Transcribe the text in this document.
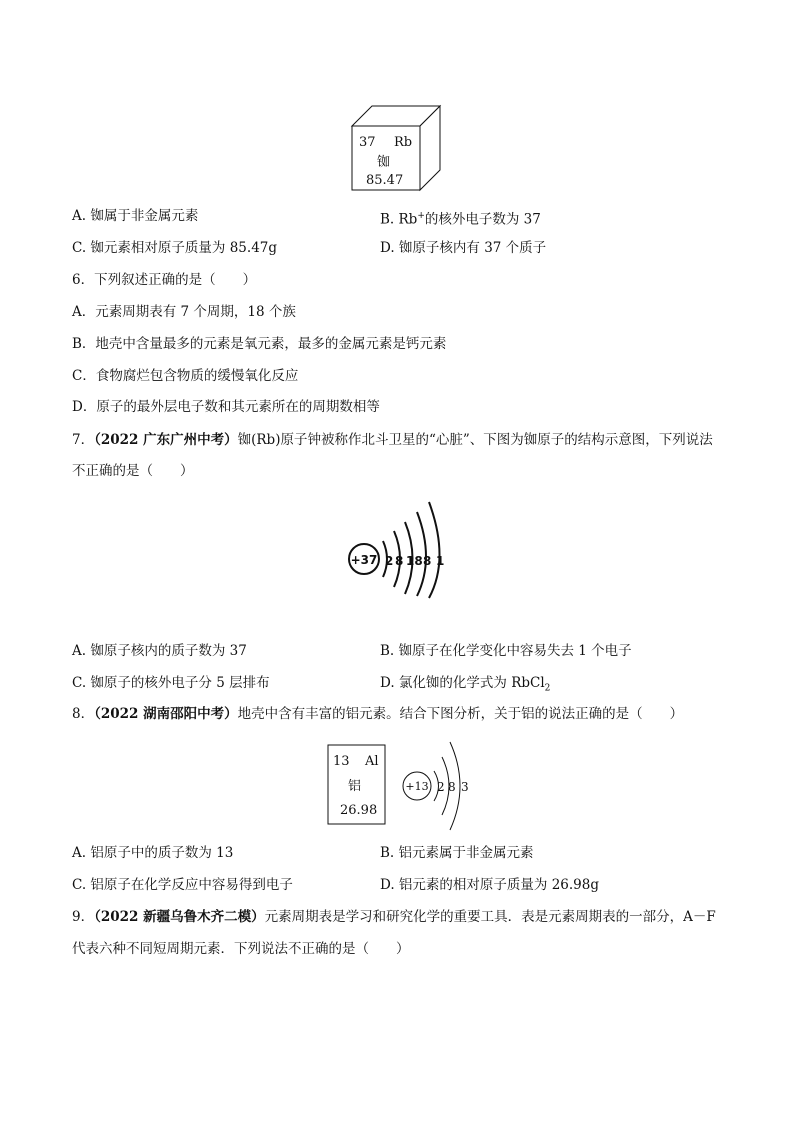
37 Rb
铷
85.47
A. 铷属于非金属元素	B. Rb+的核外电子数为 37
C. 铷元素相对原子质量为 85.47g	D. 铷原子核内有 37 个质子
6．下列叙述正确的是（　　）
A．元素周期表有 7 个周期，18 个族
B．地壳中含量最多的元素是氧元素，最多的金属元素是钙元素
C．食物腐烂包含物质的缓慢氧化反应
D．原子的最外层电子数和其元素所在的周期数相等
7．（2022 广东广州中考）铷(Rb)原子钟被称作北斗卫星的“心脏”、下图为铷原子的结构示意图，下列说法
不正确的是（　　）
+37 2 8 18 8 1
A. 铷原子核内的质子数为 37	B. 铷原子在化学变化中容易失去 1 个电子
C. 铷原子的核外电子分 5 层排布	D. 氯化铷的化学式为 RbCl$_2$
8．（2022 湖南邵阳中考）地壳中含有丰富的铝元素。结合下图分析，关于铝的说法正确的是（　　）
13 Al
铝
26.98
+13 2 8 3
A. 铝原子中的质子数为 13	B. 铝元素属于非金属元素
C. 铝原子在化学反应中容易得到电子	D. 铝元素的相对原子质量为 26.98g
9．（2022 新疆乌鲁木齐二模）元素周期表是学习和研究化学的重要工具．表是元素周期表的一部分，A－F
代表六种不同短周期元素．下列说法不正确的是（　　）
